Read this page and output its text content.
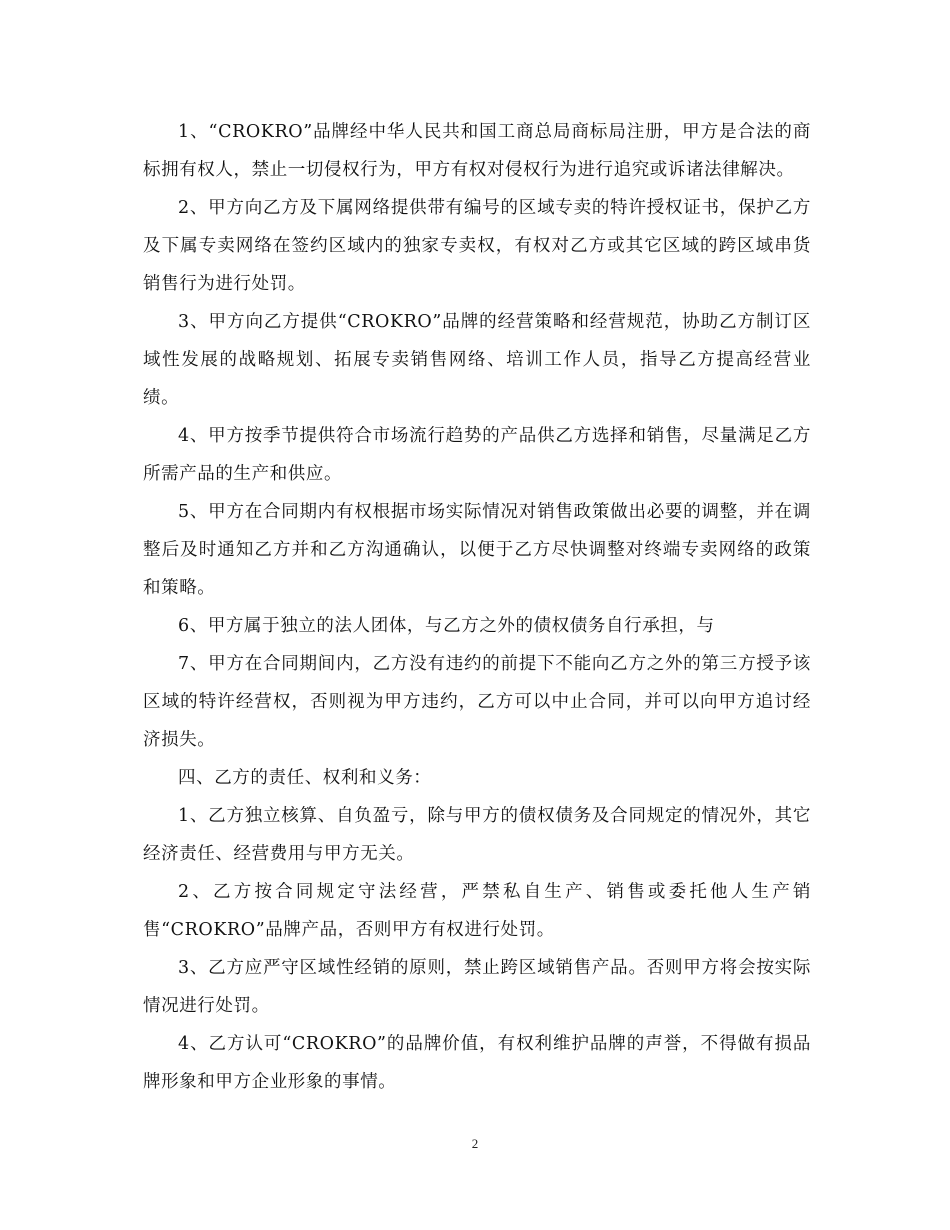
1、“CROKRO”品牌经中华人民共和国工商总局商标局注册，甲方是合法的商标拥有权人，禁止一切侵权行为，甲方有权对侵权行为进行追究或诉诸法律解决。

2、甲方向乙方及下属网络提供带有编号的区域专卖的特许授权证书，保护乙方及下属专卖网络在签约区域内的独家专卖权，有权对乙方或其它区域的跨区域串货销售行为进行处罚。

3、甲方向乙方提供“CROKRO”品牌的经营策略和经营规范，协助乙方制订区域性发展的战略规划、拓展专卖销售网络、培训工作人员，指导乙方提高经营业绩。

4、甲方按季节提供符合市场流行趋势的产品供乙方选择和销售，尽量满足乙方所需产品的生产和供应。

5、甲方在合同期内有权根据市场实际情况对销售政策做出必要的调整，并在调整后及时通知乙方并和乙方沟通确认，以便于乙方尽快调整对终端专卖网络的政策和策略。

6、甲方属于独立的法人团体，与乙方之外的债权债务自行承担，与

7、甲方在合同期间内，乙方没有违约的前提下不能向乙方之外的第三方授予该区域的特许经营权，否则视为甲方违约，乙方可以中止合同，并可以向甲方追讨经济损失。

四、乙方的责任、权利和义务：

1、乙方独立核算、自负盈亏，除与甲方的债权债务及合同规定的情况外，其它经济责任、经营费用与甲方无关。

2、乙方按合同规定守法经营，严禁私自生产、销售或委托他人生产销售“CROKRO”品牌产品，否则甲方有权进行处罚。

3、乙方应严守区域性经销的原则，禁止跨区域销售产品。否则甲方将会按实际情况进行处罚。

4、乙方认可“CROKRO”的品牌价值，有权利维护品牌的声誉，不得做有损品牌形象和甲方企业形象的事情。

2
